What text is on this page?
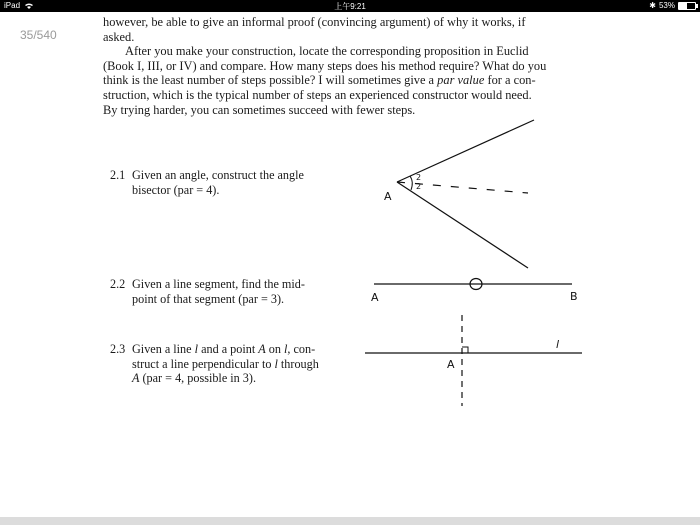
iPad	上午9:21	✱ 53%
35/540

however, be able to give an informal proof (convincing argument) of why it works, if

asked.

After you make your construction, locate the corresponding proposition in Euclid

(Book I, III, or IV) and compare. How many steps does his method require? What do you

think is the least number of steps possible? I will sometimes give a par value for a con-

struction, which is the typical number of steps an experienced constructor would need.

By trying harder, you can sometimes succeed with fewer steps.

2.1 Given an angle, construct the angle
bisector (par = 4).
2.2 Given a line segment, find the mid-
point of that segment (par = 3).
2.3 Given a line l and a point A on l, con-
struct a line perpendicular to l through
A (par = 4, possible in 3).
A
2
2
A	B
l
A
